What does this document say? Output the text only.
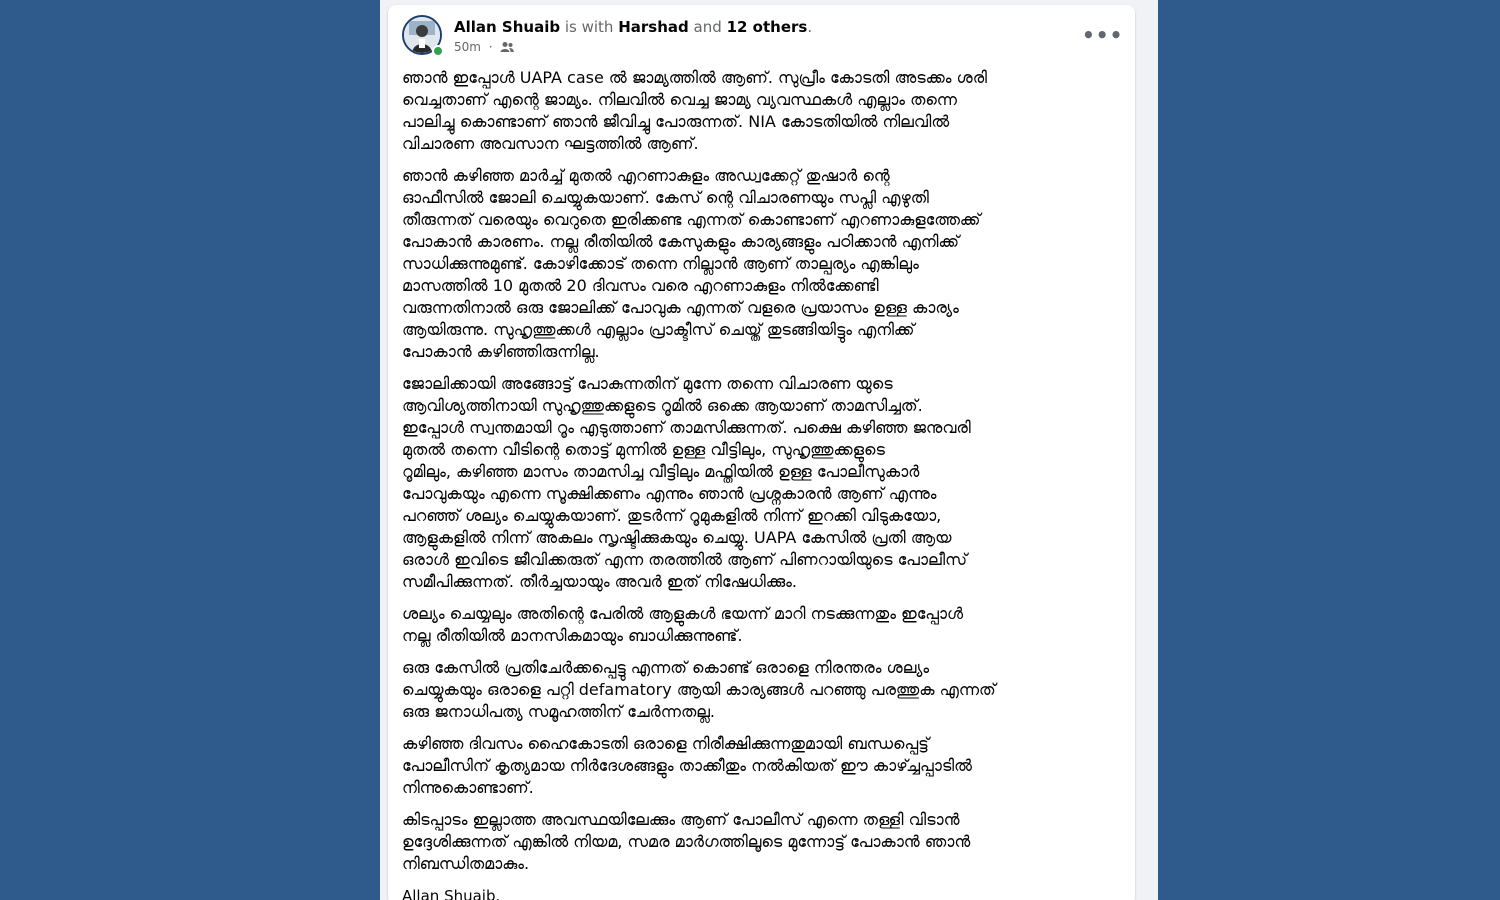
Allan Shuaib is with Harshad and 12 others.
50m ·	•••

ഞാൻ ഇപ്പോൾ UAPA case ൽ ജാമ്യത്തിൽ ആണ്. സുപ്രീം കോടതി അടക്കം ശരി
വെച്ചതാണ് എന്റെ ജാമ്യം. നിലവിൽ വെച്ച ജാമ്യ വ്യവസ്ഥകൾ എല്ലാം തന്നെ
പാലിച്ചു കൊണ്ടാണ് ഞാൻ ജീവിച്ചു പോരുന്നത്. NIA കോടതിയിൽ നിലവിൽ
വിചാരണ അവസാന ഘട്ടത്തിൽ ആണ്.

ഞാൻ കഴിഞ്ഞ മാർച്ച് മുതൽ എറണാകുളം അഡ്വക്കേറ്റ് തുഷാർ ന്റെ
ഓഫീസിൽ ജോലി ചെയ്യുകയാണ്. കേസ് ന്റെ വിചാരണയും സപ്ലി എഴുതി
തീരുന്നത് വരെയും വെറുതെ ഇരിക്കണ്ട എന്നത് കൊണ്ടാണ് എറണാകുളത്തേക്ക്
പോകാൻ കാരണം. നല്ല രീതിയിൽ കേസുകളും കാര്യങ്ങളും പഠിക്കാൻ എനിക്ക്
സാധിക്കുന്നുമുണ്ട്. കോഴിക്കോട് തന്നെ നില്ലാൻ ആണ് താല്പര്യം എങ്കിലും
മാസത്തിൽ 10 മുതൽ 20 ദിവസം വരെ എറണാകുളം നിൽക്കേണ്ടി
വരുന്നതിനാൽ ഒരു ജോലിക്ക് പോവുക എന്നത് വളരെ പ്രയാസം ഉള്ള കാര്യം
ആയിരുന്നു. സുഹൃത്തുക്കൾ എല്ലാം പ്രാക്ടീസ് ചെയ്ത് തുടങ്ങിയിട്ടും എനിക്ക്
പോകാൻ കഴിഞ്ഞിരുന്നില്ല.

ജോലിക്കായി അങ്ങോട്ട് പോകുന്നതിന് മുന്നേ തന്നെ വിചാരണ യുടെ
ആവിശ്യത്തിനായി സുഹൃത്തുക്കളുടെ റൂമിൽ ഒക്കെ ആയാണ് താമസിച്ചത്.
ഇപ്പോൾ സ്വന്തമായി റൂം എടുത്താണ് താമസിക്കുന്നത്. പക്ഷെ കഴിഞ്ഞ ജനുവരി
മുതൽ തന്നെ വീടിന്റെ തൊട്ട് മുന്നിൽ ഉള്ള വീട്ടിലും, സുഹൃത്തുക്കളുടെ
റൂമിലും, കഴിഞ്ഞ മാസം താമസിച്ച വീട്ടിലും മഫ്തിയിൽ ഉള്ള പോലീസുകാർ
പോവുകയും എന്നെ സൂക്ഷിക്കണം എന്നും ഞാൻ പ്രശ്നകാരൻ ആണ് എന്നും
പറഞ്ഞ് ശല്യം ചെയ്യുകയാണ്. തുടർന്ന് റൂമുകളിൽ നിന്ന് ഇറക്കി വിടുകയോ,
ആളുകളിൽ നിന്ന് അകലം സൃഷ്ടിക്കുകയും ചെയ്യു. UAPA കേസിൽ പ്രതി ആയ
ഒരാൾ ഇവിടെ ജീവിക്കരുത് എന്ന തരത്തിൽ ആണ് പിണറായിയുടെ പോലീസ്
സമീപിക്കുന്നത്. തീർച്ചയായും അവർ ഇത് നിഷേധിക്കും.

ശല്യം ചെയ്യലും അതിന്റെ പേരിൽ ആളുകൾ ഭയന്ന് മാറി നടക്കുന്നതും ഇപ്പോൾ
നല്ല രീതിയിൽ മാനസികമായും ബാധിക്കുന്നുണ്ട്.

ഒരു കേസിൽ പ്രതിചേർക്കപ്പെട്ടു എന്നത് കൊണ്ട് ഒരാളെ നിരന്തരം ശല്യം
ചെയ്യുകയും ഒരാളെ പറ്റി defamatory ആയി കാര്യങ്ങൾ പറഞ്ഞു പരത്തുക എന്നത്
ഒരു ജനാധിപത്യ സമൂഹത്തിന് ചേർന്നതല്ല.

കഴിഞ്ഞ ദിവസം ഹൈകോടതി ഒരാളെ നിരീക്ഷിക്കുന്നതുമായി ബന്ധപ്പെട്ട്
പോലീസിന് കൃത്യമായ നിർദേശങ്ങളും താക്കീതും നൽകിയത് ഈ കാഴ്ച്ചപ്പാടിൽ
നിന്നുകൊണ്ടാണ്.

കിടപ്പാടം ഇല്ലാത്ത അവസ്ഥയിലേക്കും ആണ് പോലീസ് എന്നെ തള്ളി വിടാൻ
ഉദ്ദേശിക്കുന്നത് എങ്കിൽ നിയമ, സമര മാർഗത്തിലൂടെ മുന്നോട്ട് പോകാൻ ഞാൻ
നിബന്ധിതമാകും.

Allan Shuaib.
